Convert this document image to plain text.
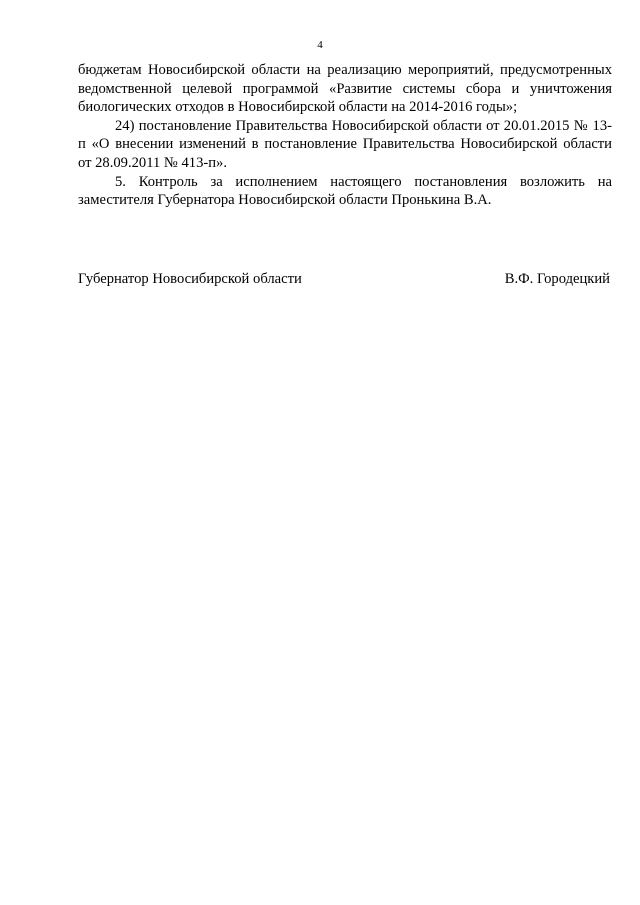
4

бюджетам Новосибирской области на реализацию мероприятий, предусмотренных ведомственной целевой программой «Развитие системы сбора и уничтожения биологических отходов в Новосибирской области на 2014-2016 годы»;

24) постановление Правительства Новосибирской области от 20.01.2015 № 13-п «О внесении изменений в постановление Правительства Новосибирской области от 28.09.2011 № 413-п».

5. Контроль за исполнением настоящего постановления возложить на заместителя Губернатора Новосибирской области Пронькина В.А.

Губернатор Новосибирской области	В.Ф. Городецкий
